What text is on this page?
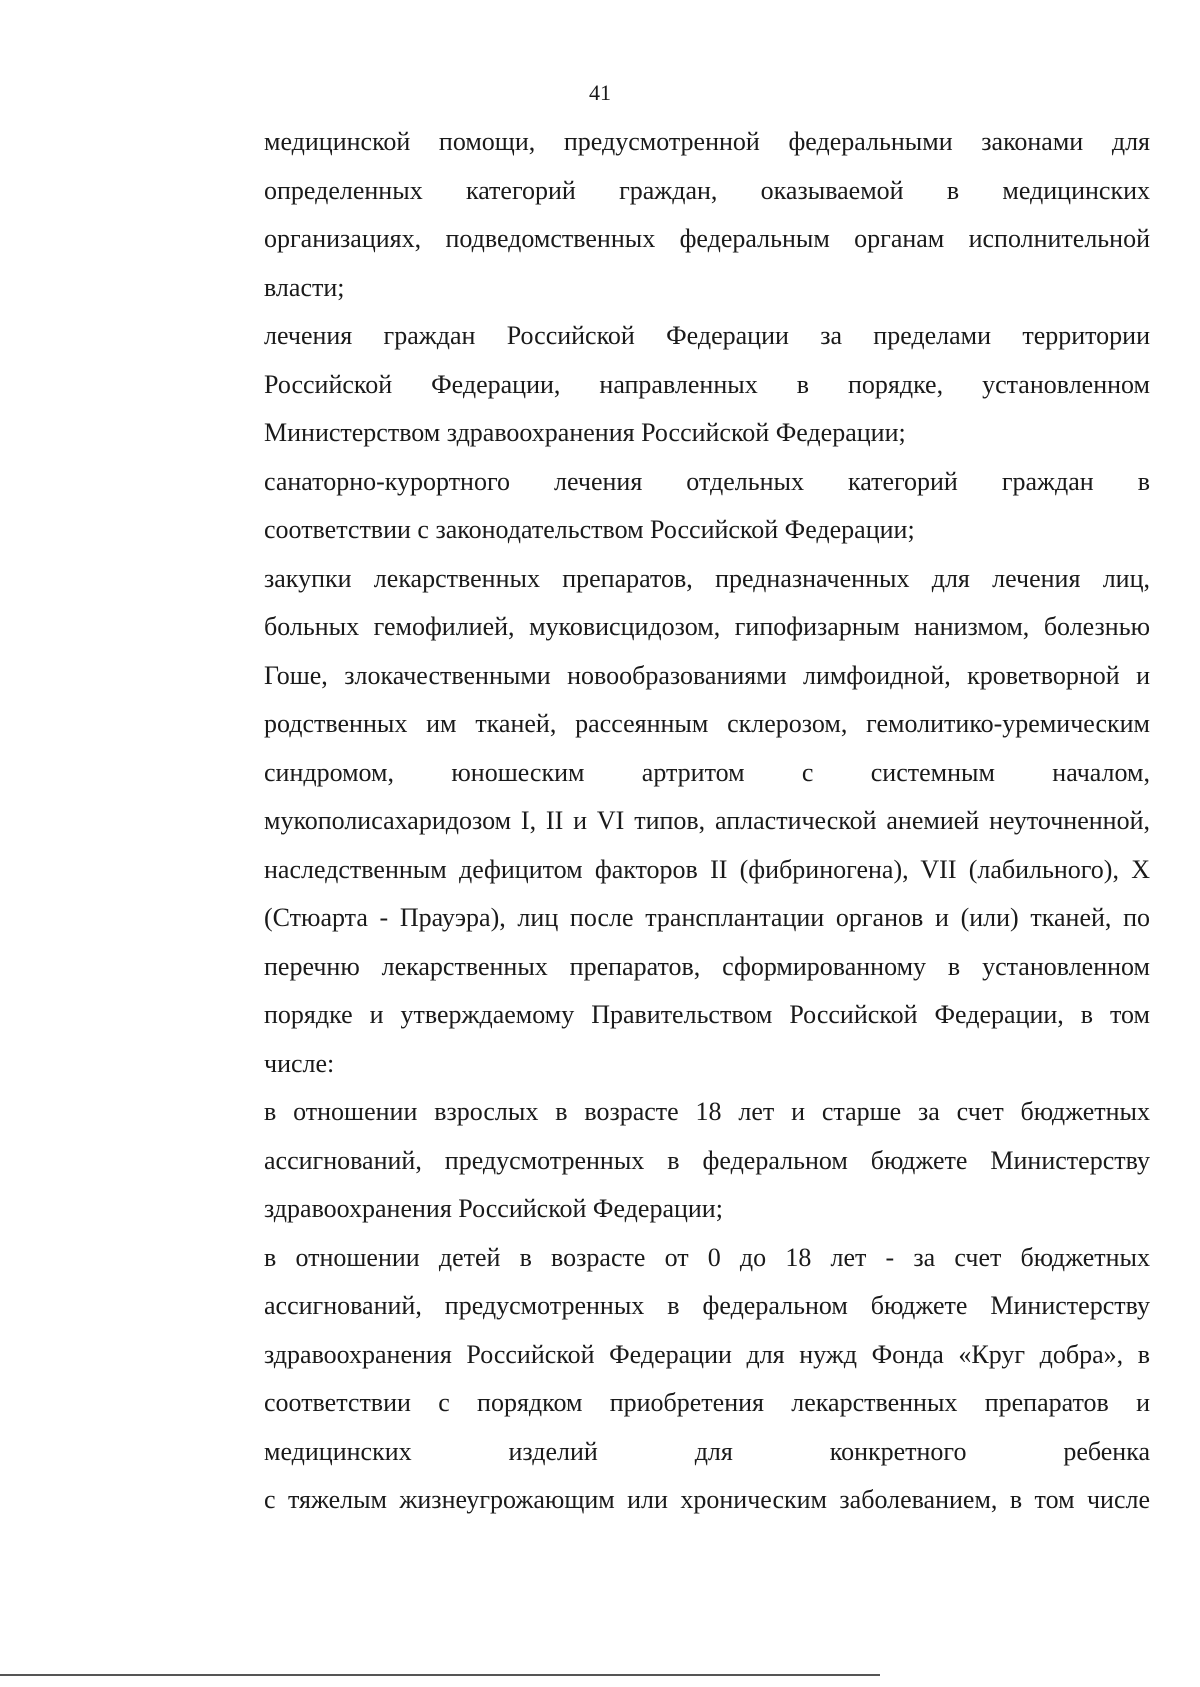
41
медицинской помощи, предусмотренной федеральными законами для
определенных категорий граждан, оказываемой в медицинских
организациях, подведомственных федеральным органам исполнительной
власти;
лечения граждан Российской Федерации за пределами территории
Российской Федерации, направленных в порядке, установленном
Министерством здравоохранения Российской Федерации;
санаторно-курортного лечения отдельных категорий граждан в
соответствии с законодательством Российской Федерации;
закупки лекарственных препаратов, предназначенных для лечения лиц,
больных гемофилией, муковисцидозом, гипофизарным нанизмом, болезнью
Гоше, злокачественными новообразованиями лимфоидной, кроветворной и
родственных им тканей, рассеянным склерозом, гемолитико-уремическим
синдромом, юношеским артритом с системным началом,
мукополисахаридозом I, II и VI типов, апластической анемией неуточненной,
наследственным дефицитом факторов II (фибриногена), VII (лабильного), X
(Стюарта - Прауэра), лиц после трансплантации органов и (или) тканей, по
перечню лекарственных препаратов, сформированному в установленном
порядке и утверждаемому Правительством Российской Федерации, в том
числе:
в отношении взрослых в возрасте 18 лет и старше за счет бюджетных
ассигнований, предусмотренных в федеральном бюджете Министерству
здравоохранения Российской Федерации;
в отношении детей в возрасте от 0 до 18 лет - за счет бюджетных
ассигнований, предусмотренных в федеральном бюджете Министерству
здравоохранения Российской Федерации для нужд Фонда «Круг добра», в
соответствии с порядком приобретения лекарственных препаратов и
медицинских изделий для конкретного ребенка
с тяжелым жизнеугрожающим или хроническим заболеванием, в том числе
